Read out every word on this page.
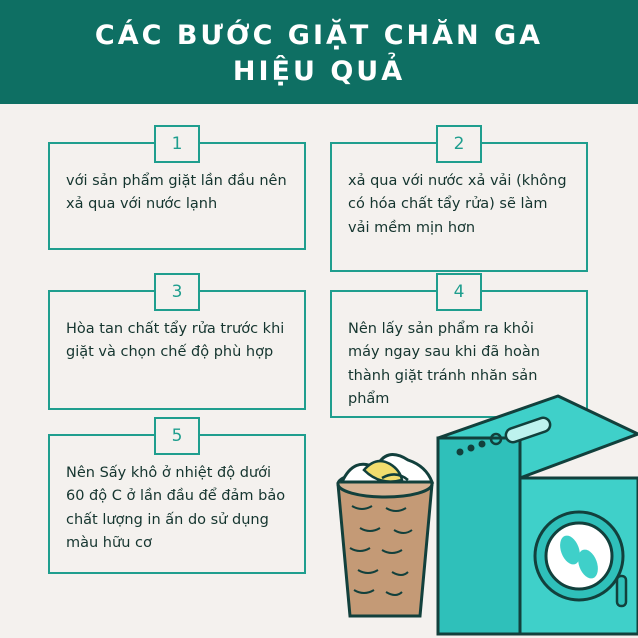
CÁC BƯỚC GIẶT CHĂN GA
HIỆU QUẢ
1
với sản phẩm giặt lần đầu nên xả qua với nước lạnh
2
xả qua với nước xả vải (không có hóa chất tẩy rửa) sẽ làm vải mềm mịn hơn
3
Hòa tan chất tẩy rửa trước khi giặt và chọn chế độ phù hợp
4
Nên lấy sản phẩm ra khỏi máy ngay sau khi đã hoàn thành giặt tránh nhăn sản phẩm
5
Nên Sấy khô ở nhiệt độ dưới 60 độ C ở lần đầu để đảm bảo chất lượng in ấn do sử dụng màu hữu cơ
